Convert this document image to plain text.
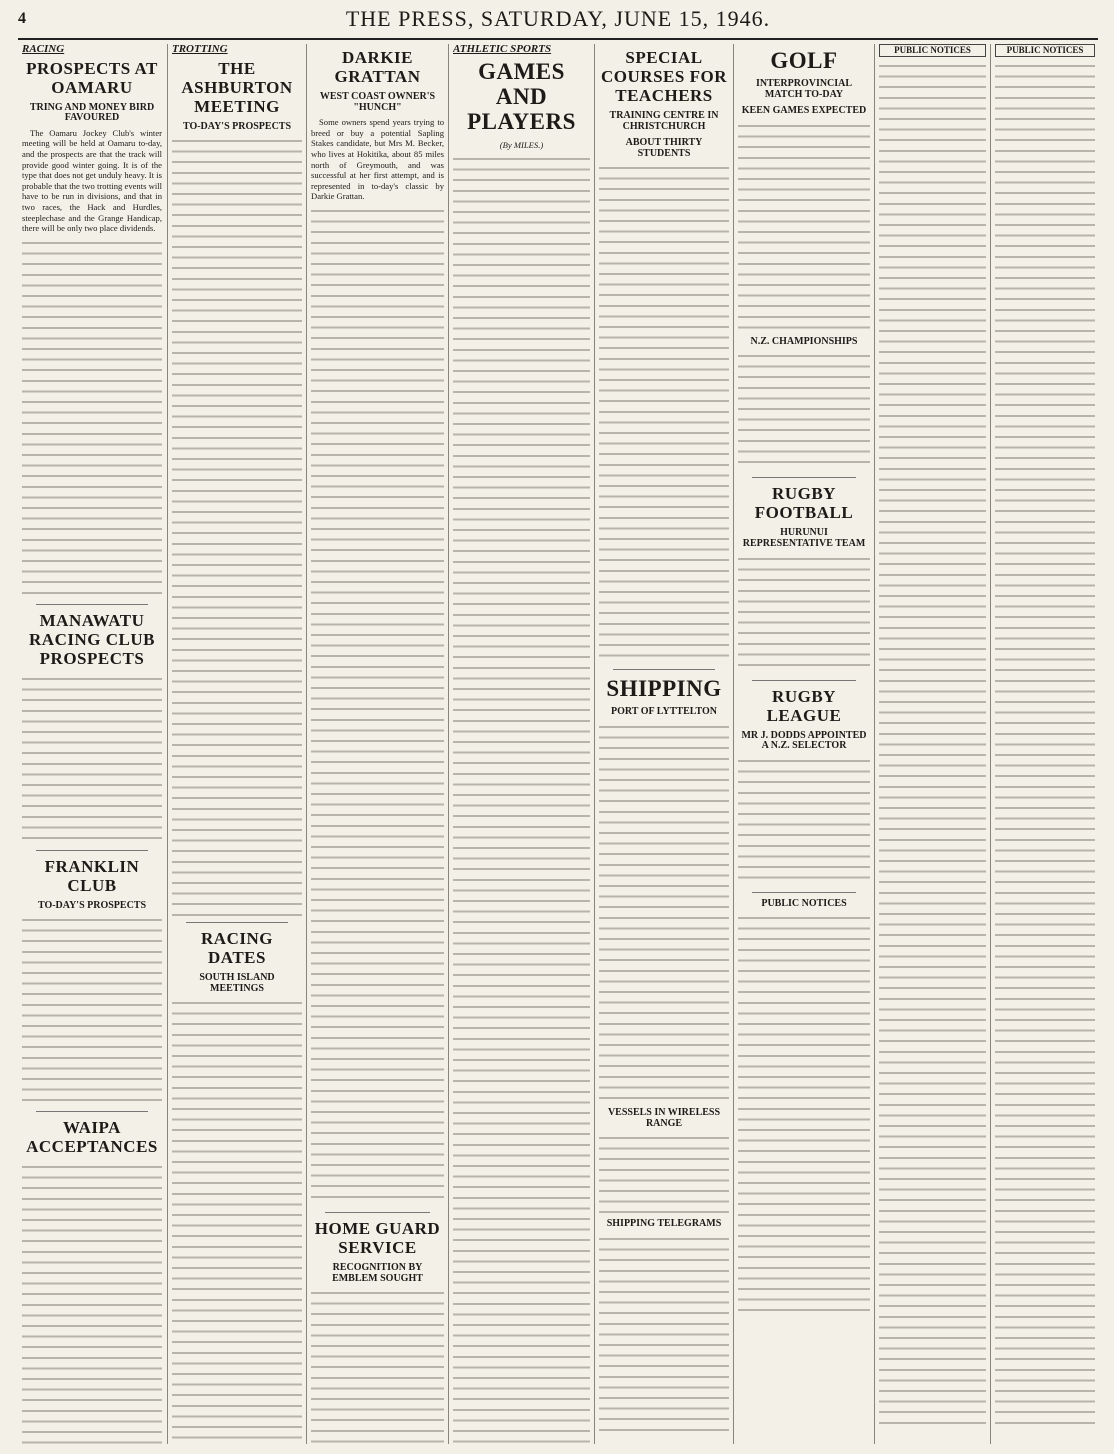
4	THE PRESS, SATURDAY, JUNE 15, 1946.
RACING
PROSPECTS AT OAMARU
TRING AND MONEY BIRD FAVOURED

The Oamaru Jockey Club's winter meeting will be held at Oamaru to-day, and the prospects are that the track will provide good winter going. It is of the type that does not get unduly heavy. It is probable that the two trotting events will have to be run in divisions, and that in two races, the Hack and Hurdles, steeplechase and the Grange Handicap, there will be only two place dividends.

MANAWATU RACING CLUB PROSPECTS
FRANKLIN CLUB
TO-DAY'S PROSPECTS
WAIPA ACCEPTANCES
TROTTING
THE ASHBURTON MEETING
TO-DAY'S PROSPECTS
RACING DATES
SOUTH ISLAND MEETINGS
DARKIE GRATTAN
WEST COAST OWNER'S "HUNCH"

Some owners spend years trying to breed or buy a potential Sapling Stakes candidate, but Mrs M. Becker, who lives at Hokitika, about 85 miles north of Greymouth, and was successful at her first attempt, and is represented in to-day's classic by Darkie Grattan.

HOME GUARD SERVICE
RECOGNITION BY EMBLEM SOUGHT
ATHLETIC SPORTS
GAMES AND PLAYERS
(By MILES.)
SPECIAL COURSES FOR TEACHERS
TRAINING CENTRE IN CHRISTCHURCH
ABOUT THIRTY STUDENTS
SHIPPING
PORT OF LYTTELTON
VESSELS IN WIRELESS RANGE
SHIPPING TELEGRAMS
GOLF
INTERPROVINCIAL MATCH TO-DAY
KEEN GAMES EXPECTED
N.Z. CHAMPIONSHIPS
RUGBY FOOTBALL
HURUNUI REPRESENTATIVE TEAM
RUGBY LEAGUE
MR J. DODDS APPOINTED A N.Z. SELECTOR
PUBLIC NOTICES
PUBLIC NOTICES	PUBLIC NOTICES
